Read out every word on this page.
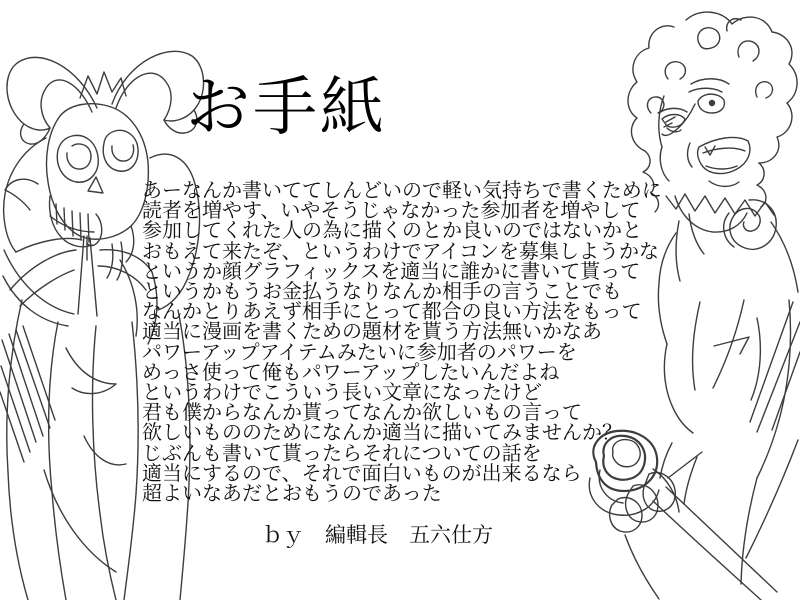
お手紙
あーなんか書いててしんどいので軽い気持ちで書くために
読者を増やす、いやそうじゃなかった参加者を増やして
参加してくれた人の為に描くのとか良いのではないかと
おもえて来たぞ、というわけでアイコンを募集しようかな
というか顔グラフィックスを適当に誰かに書いて貰って
というかもうお金払うなりなんか相手の言うことでも
なんかとりあえず相手にとって都合の良い方法をもって
適当に漫画を書くための題材を貰う方法無いかなあ
パワーアップアイテムみたいに参加者のパワーを
めっさ使って俺もパワーアップしたいんだよね
というわけでこういう長い文章になったけど
君も僕からなんか貰ってなんか欲しいもの言って
欲しいもののためになんか適当に描いてみませんか？
じぶんも書いて貰ったらそれについての話を
適当にするので、それで面白いものが出来るなら
超よいなあだとおもうのであった
ｂｙ　編輯長　五六仕方
